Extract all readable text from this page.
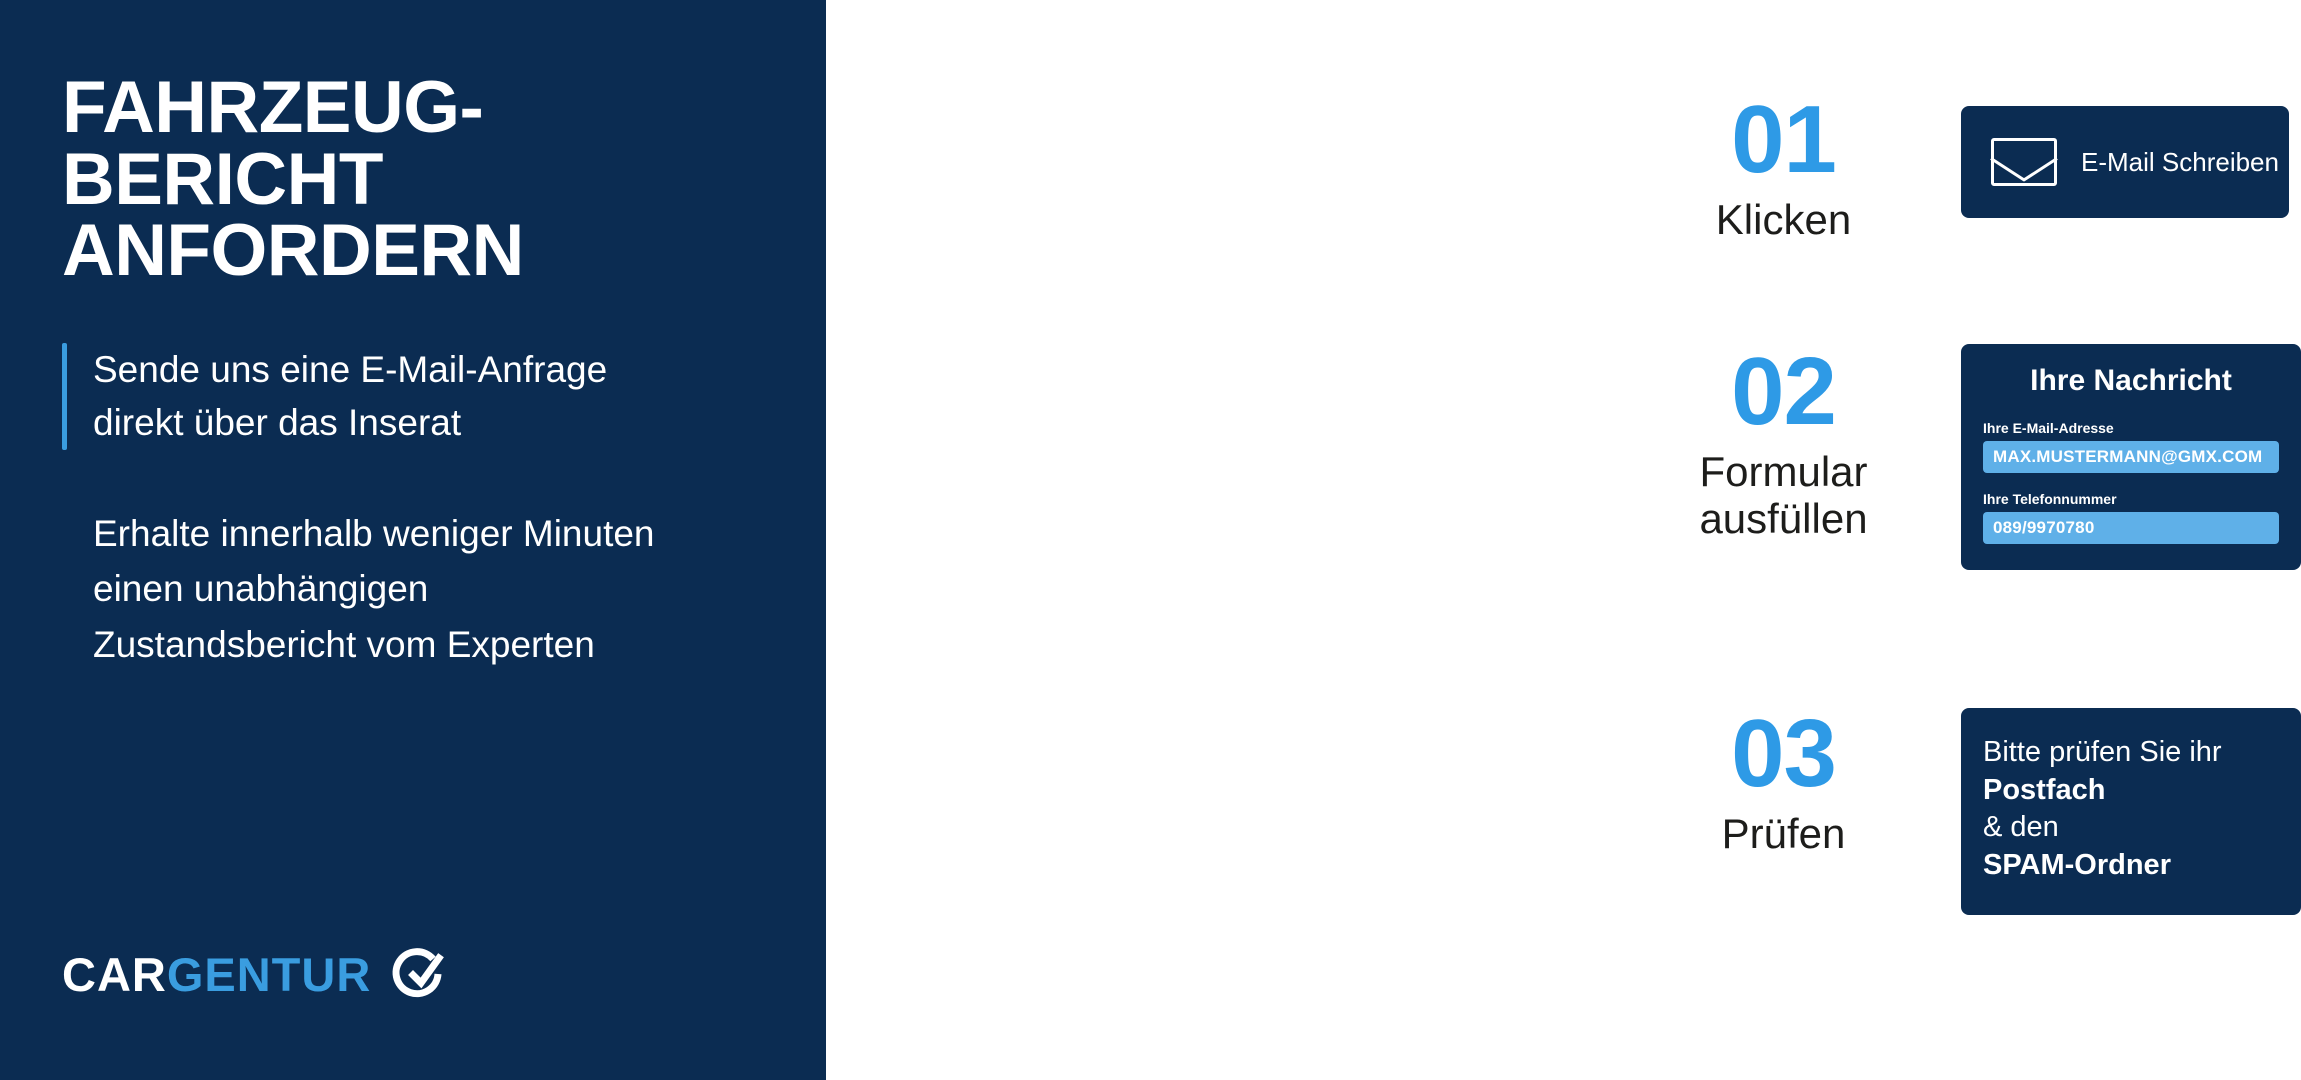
FAHRZEUG-
BERICHT
ANFORDERN
Sende uns eine E-Mail-Anfrage
direkt über das Inserat
Erhalte innerhalb weniger Minuten
einen unabhängigen
Zustandsbericht vom Experten
CARGENTUR
01
Klicken
E-Mail Schreiben
02
Formular
ausfüllen
Ihre Nachricht
Ihre E-Mail-Adresse
MAX.MUSTERMANN@GMX.COM
Ihre Telefonnummer
089/9970780
03
Prüfen
Bitte prüfen Sie ihr
Postfach
& den
SPAM-Ordner
